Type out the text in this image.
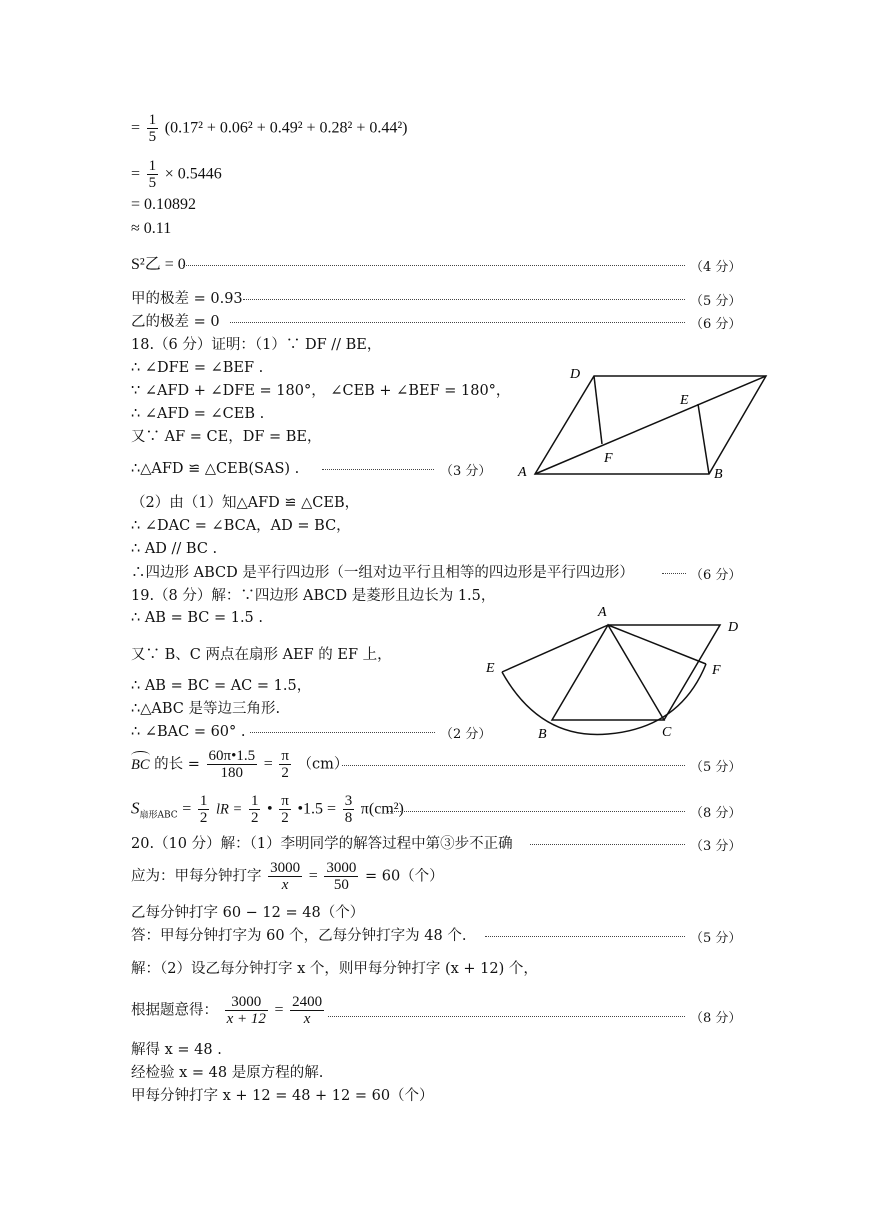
= $\frac{1}{5} (0.17^2 + 0.06^2 + 0.49^2 + 0.28^2 + 0.44^2)$
= $\frac{1}{5} \times 0.5446$
= 0.10892
≈ 0.11
S²乙 = 0	（4 分）
甲的极差 = 0.93	（5 分）
乙的极差 = 0	（6 分）
18.（6 分）证明：（1）∵ DF // BE，
∴ ∠DFE = ∠BEF .
∵ ∠AFD + ∠DFE = 180°， ∠CEB + ∠BEF = 180°，
∴ ∠AFD = ∠CEB .
又∵ AF = CE，DF = BE，
∴△AFD ≌ △CEB(SAS) .	（3 分） A	B
D
E
F
（2）由（1）知△AFD ≌ △CEB，
∴ ∠DAC = ∠BCA，AD = BC，
∴ AD // BC .
∴四边形 ABCD 是平行四边形（一组对边平行且相等的四边形是平行四边形）	（6 分）
19.（8 分）解：∵四边形 ABCD 是菱形且边长为 1.5，
∴ AB = BC = 1.5 .
又∵ B、C 两点在扇形 AEF 的 EF 上，
∴ AB = BC = AC = 1.5，
∴△ABC 是等边三角形.
∴ ∠BAC = 60° .	（2 分）
A
B	C
D
E	F
BC 的长 = $\frac{60\pi•1.5}{180} = \frac{\pi}{2} (cm)$	（5 分）
$S_{扇形ABC} = \frac{1}{2}$ lR = $\frac{1}{2}$ • $\frac{\pi}{2}$ •1.5 = $\frac{3}{8} \pi(cm^2)$	（8 分）
20.（10 分）解：（1）李明同学的解答过程中第③步不正确	（3 分）
应为：甲每分钟打字 $\frac{3000}{x} = \frac{3000}{50} = 60$（个）
乙每分钟打字 60 − 12 = 48（个）
答：甲每分钟打字为 60 个，乙每分钟打字为 48 个.	（5 分）
解：（2）设乙每分钟打字 x 个，则甲每分钟打字 (x + 12) 个，
根据题意得： $\frac{3000}{x + 12} = \frac{2400}{x}$	（8 分）
解得 x = 48 .
经检验 x = 48 是原方程的解.
甲每分钟打字 x + 12 = 48 + 12 = 60（个）
